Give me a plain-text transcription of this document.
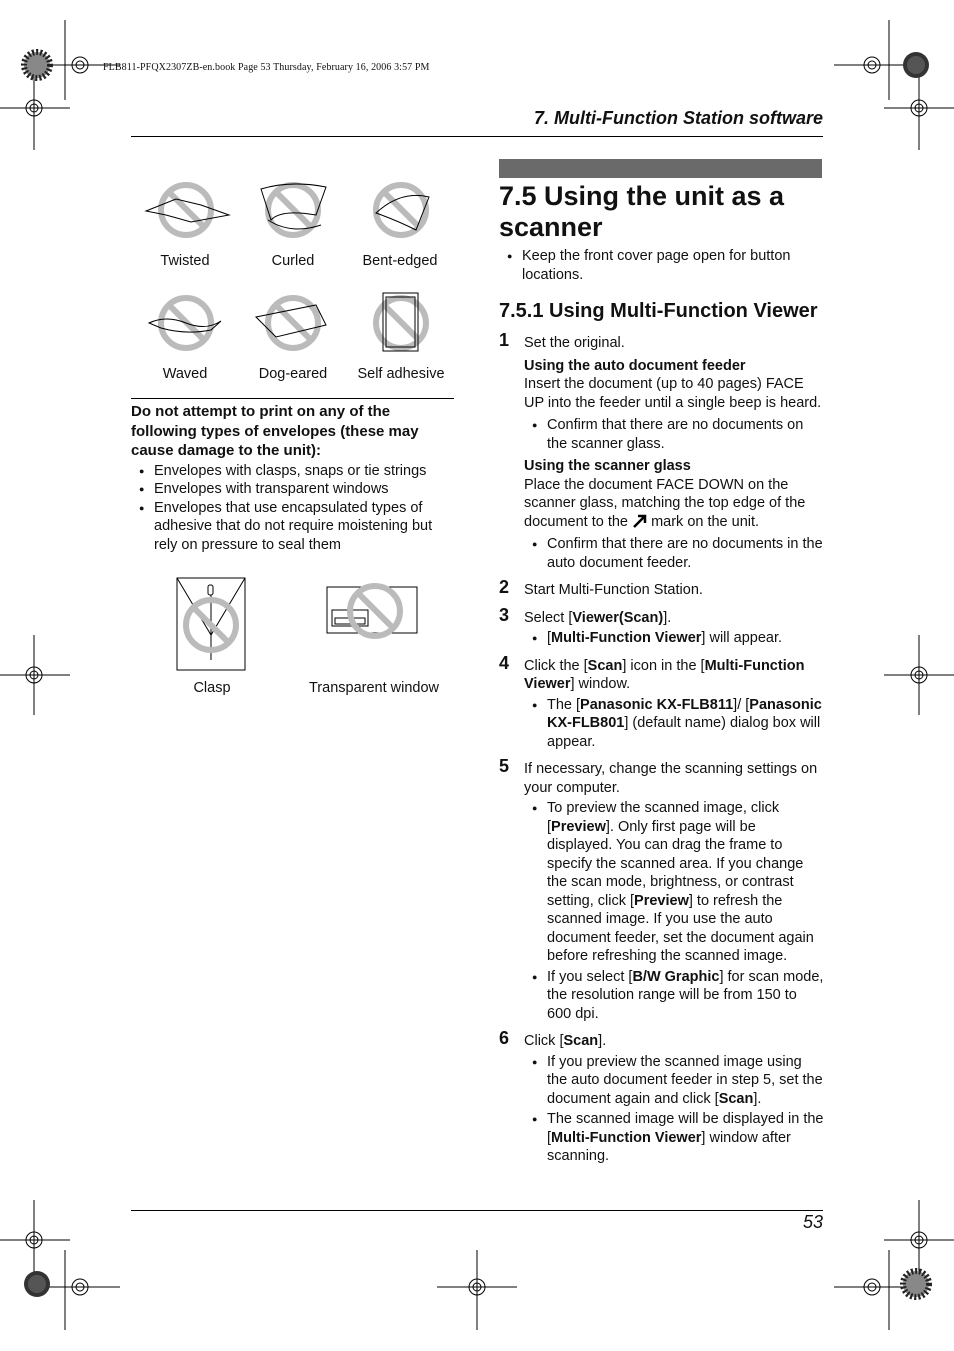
FLB811-PFQX2307ZB-en.book Page 53 Thursday, February 16, 2006 3:57 PM
7. Multi-Function Station software
Twisted	Curled	Bent-edged
Waved	Dog-eared	Self adhesive
Do not attempt to print on any of the following types of envelopes (these may cause damage to the unit):
● Envelopes with clasps, snaps or tie strings
● Envelopes with transparent windows
● Envelopes that use encapsulated types of adhesive that do not require moistening but rely on pressure to seal them
Clasp	Transparent window
7.5 Using the unit as a scanner
● Keep the front cover page open for button locations.
7.5.1 Using Multi-Function Viewer
1 Set the original.
Using the auto document feeder
Insert the document (up to 40 pages) FACE UP into the feeder until a single beep is heard.
● Confirm that there are no documents on the scanner glass.
Using the scanner glass
Place the document FACE DOWN on the scanner glass, matching the top edge of the document to the mark on the unit.
● Confirm that there are no documents in the auto document feeder.
2 Start Multi-Function Station.
3 Select [ Viewer(Scan) ] .
● [ Multi-Function Viewer ] will appear.
4 Click the [ Scan ] icon in the [ Multi-Function Viewer ] window.
● The [ Panasonic KX-FLB811 ] / [ Panasonic KX-FLB801 ] (default name) dialog box will appear.
5 If necessary, change the scanning settings on your computer.
● To preview the scanned image, click [ Preview ] . Only first page will be displayed. You can drag the frame to specify the scanned area. If you change the scan mode, brightness, or contrast setting, click [ Preview ] to refresh the scanned image. If you use the auto document feeder, set the document again before refreshing the scanned image.
● If you select [ B/W Graphic ] for scan mode, the resolution range will be from 150 to 600 dpi.
6 Click [ Scan ] .
● If you preview the scanned image using the auto document feeder in step 5, set the document again and click [ Scan ] .
● The scanned image will be displayed in the [ Multi-Function Viewer ] window after scanning.
53
